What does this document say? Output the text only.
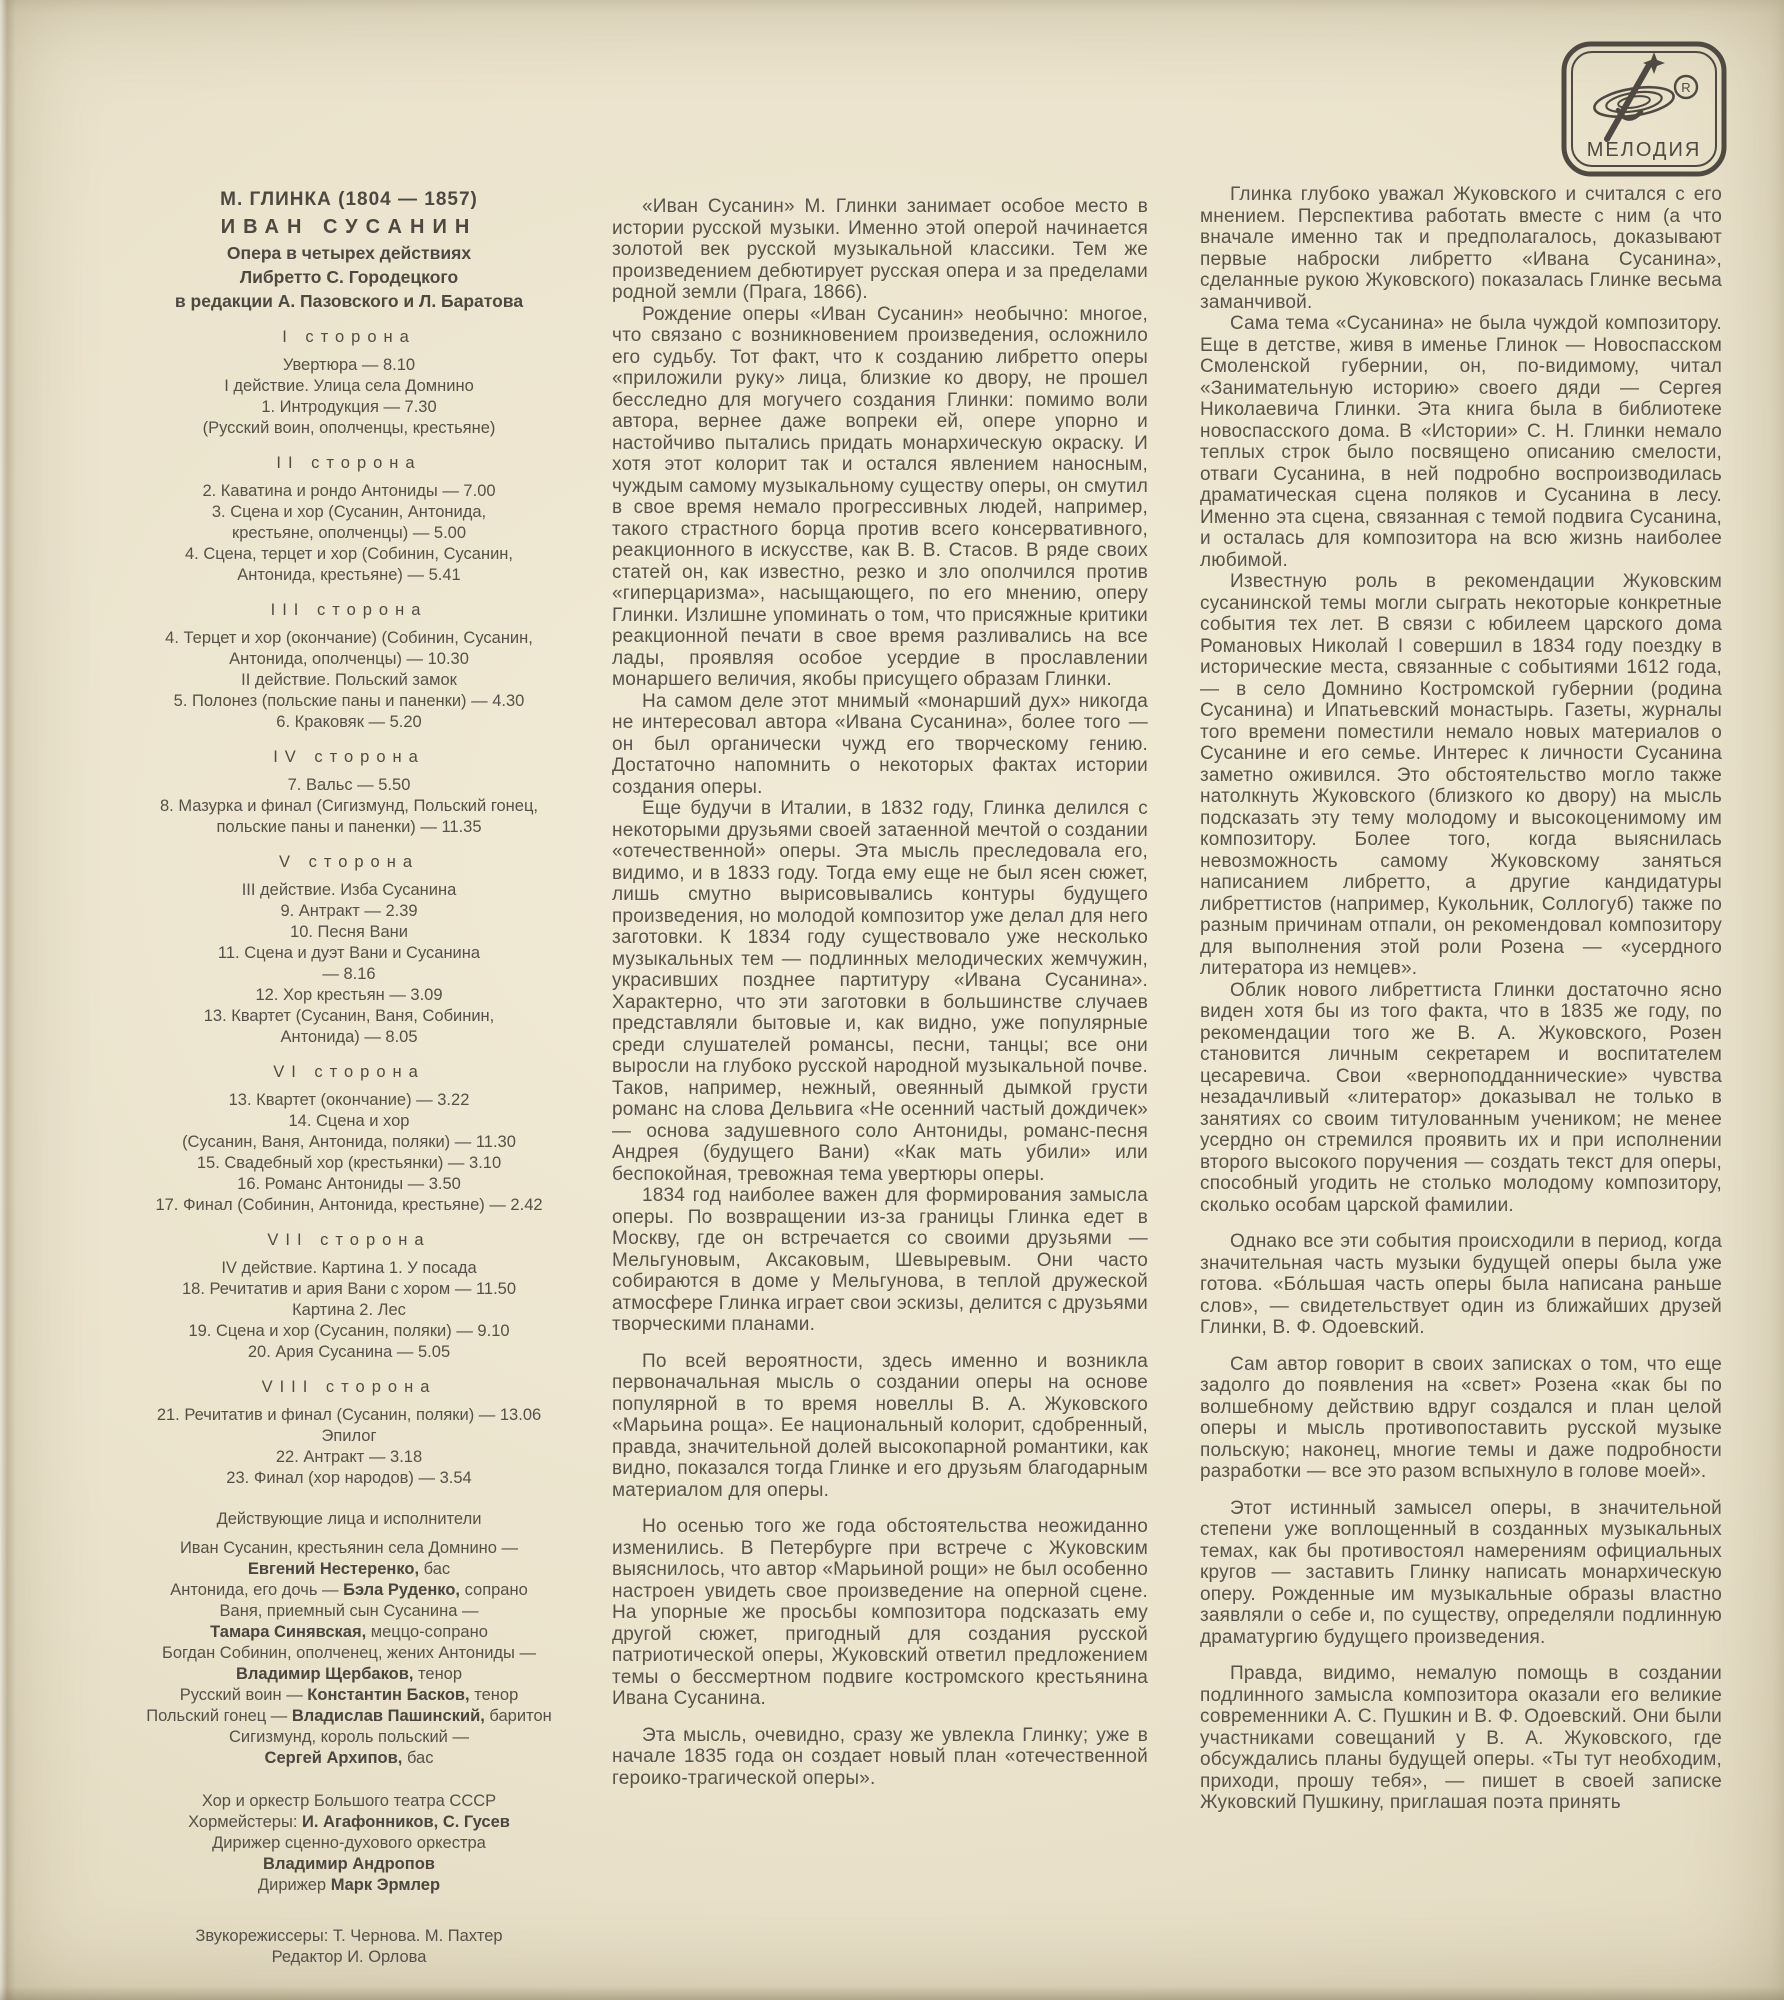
R
МЕЛОДИЯ
М. ГЛИНКА (1804 — 1857)
ИВАН СУСАНИН
Опера в четырех действиях
Либретто С. Городецкого
в редакции А. Пазовского и Л. Баратова
I сторона
Увертюра — 8.10
I действие. Улица села Домнино
1. Интродукция — 7.30
(Русский воин, ополченцы, крестьяне)
II сторона
2. Каватина и рондо Антониды — 7.00
3. Сцена и хор (Сусанин, Антонида,
крестьяне, ополченцы) — 5.00
4. Сцена, терцет и хор (Собинин, Сусанин,
Антонида, крестьяне) — 5.41
III сторона
4. Терцет и хор (окончание) (Собинин, Сусанин,
Антонида, ополченцы) — 10.30
II действие. Польский замок
5. Полонез (польские паны и паненки) — 4.30
6. Краковяк — 5.20
IV сторона
7. Вальс — 5.50
8. Мазурка и финал (Сигизмунд, Польский гонец,
польские паны и паненки) — 11.35
V сторона
III действие. Изба Сусанина
9. Антракт — 2.39
10. Песня Вани
11. Сцена и дуэт Вани и Сусанина
— 8.16
12. Хор крестьян — 3.09
13. Квартет (Сусанин, Ваня, Собинин,
Антонида) — 8.05
VI сторона
13. Квартет (окончание) — 3.22
14. Сцена и хор
(Сусанин, Ваня, Антонида, поляки) — 11.30
15. Свадебный хор (крестьянки) — 3.10
16. Романс Антониды — 3.50
17. Финал (Собинин, Антонида, крестьяне) — 2.42
VII сторона
IV действие. Картина 1. У посада
18. Речитатив и ария Вани с хором — 11.50
Картина 2. Лес
19. Сцена и хор (Сусанин, поляки) — 9.10
20. Ария Сусанина — 5.05
VIII сторона
21. Речитатив и финал (Сусанин, поляки) — 13.06
Эпилог
22. Антракт — 3.18
23. Финал (хор народов) — 3.54
Действующие лица и исполнители
Иван Сусанин, крестьянин села Домнино —
Евгений Нестеренко, бас
Антонида, его дочь — Бэла Руденко, сопрано
Ваня, приемный сын Сусанина —
Тамара Синявская, меццо-сопрано
Богдан Собинин, ополченец, жених Антониды —
Владимир Щербаков, тенор
Русский воин — Константин Басков, тенор
Польский гонец — Владислав Пашинский, баритон
Сигизмунд, король польский —
Сергей Архипов, бас
Хор и оркестр Большого театра СССР
Хормейстеры: И. Агафонников, С. Гусев
Дирижер сценно-духового оркестра
Владимир Андропов
Дирижер Марк Эрмлер
Звукорежиссеры: Т. Чернова. М. Пахтер
Редактор И. Орлова

«Иван Сусанин» М. Глинки занимает особое место в истории русской музыки. Именно этой оперой начинается золотой век русской музыкальной классики. Тем же произведением дебютирует русская опера и за пределами родной земли (Прага, 1866).

Рождение оперы «Иван Сусанин» необычно: многое, что связано с возникновением произведения, осложнило его судьбу. Тот факт, что к созданию либретто оперы «приложили руку» лица, близкие ко двору, не прошел бесследно для могучего создания Глинки: помимо воли автора, вернее даже вопреки ей, опере упорно и настойчиво пытались придать монархическую окраску. И хотя этот колорит так и остался явлением наносным, чуждым самому музыкальному существу оперы, он смутил в свое время немало прогрессивных людей, например, такого страстного борца против всего консервативного, реакционного в искусстве, как В. В. Стасов. В ряде своих статей он, как известно, резко и зло ополчился против «гиперцаризма», насыщающего, по его мнению, оперу Глинки. Излишне упоминать о том, что присяжные критики реакционной печати в свое время разливались на все лады, проявляя особое усердие в прославлении монаршего величия, якобы присущего образам Глинки.

На самом деле этот мнимый «монарший дух» никогда не интересовал автора «Ивана Сусанина», более того — он был органически чужд его творческому гению. Достаточно напомнить о некоторых фактах истории создания оперы.

Еще будучи в Италии, в 1832 году, Глинка делился с некоторыми друзьями своей затаенной мечтой о создании «отечественной» оперы. Эта мысль преследовала его, видимо, и в 1833 году. Тогда ему еще не был ясен сюжет, лишь смутно вырисовывались контуры будущего произведения, но молодой композитор уже делал для него заготовки. К 1834 году существовало уже несколько музыкальных тем — подлинных мелодических жемчужин, украсивших позднее партитуру «Ивана Сусанина». Характерно, что эти заготовки в большинстве случаев представляли бытовые и, как видно, уже популярные среди слушателей романсы, песни, танцы; все они выросли на глубоко русской народной музыкальной почве. Таков, например, нежный, овеянный дымкой грусти романс на слова Дельвига «Не осенний частый дождичек» — основа задушевного соло Антониды, романс-песня Андрея (будущего Вани) «Как мать убили» или беспокойная, тревожная тема увертюры оперы.

1834 год наиболее важен для формирования замысла оперы. По возвращении из-за границы Глинка едет в Москву, где он встречается со своими друзьями — Мельгуновым, Аксаковым, Шевыревым. Они часто собираются в доме у Мельгунова, в теплой дружеской атмосфере Глинка играет свои эскизы, делится с друзьями творческими планами.

По всей вероятности, здесь именно и возникла первоначальная мысль о создании оперы на основе популярной в то время новеллы В. А. Жуковского «Марьина роща». Ее национальный колорит, сдобренный, правда, значительной долей высокопарной романтики, как видно, показался тогда Глинке и его друзьям благодарным материалом для оперы.

Но осенью того же года обстоятельства неожиданно изменились. В Петербурге при встрече с Жуковским выяснилось, что автор «Марьиной рощи» не был особенно настроен увидеть свое произведение на оперной сцене. На упорные же просьбы композитора подсказать ему другой сюжет, пригодный для создания русской патриотической оперы, Жуковский ответил предложением темы о бессмертном подвиге костромского крестьянина Ивана Сусанина.

Эта мысль, очевидно, сразу же увлекла Глинку; уже в начале 1835 года он создает новый план «отечественной героико-трагической оперы».

Глинка глубоко уважал Жуковского и считался с его мнением. Перспектива работать вместе с ним (а что вначале именно так и предполагалось, доказывают первые наброски либретто «Ивана Сусанина», сделанные рукою Жуковского) показалась Глинке весьма заманчивой.

Сама тема «Сусанина» не была чуждой композитору. Еще в детстве, живя в именье Глинок — Новоспасском Смоленской губернии, он, по-видимому, читал «Занимательную историю» своего дяди — Сергея Николаевича Глинки. Эта книга была в библиотеке новоспасского дома. В «Истории» С. Н. Глинки немало теплых строк было посвящено описанию смелости, отваги Сусанина, в ней подробно воспроизводилась драматическая сцена поляков и Сусанина в лесу. Именно эта сцена, связанная с темой подвига Сусанина, и осталась для композитора на всю жизнь наиболее любимой.

Известную роль в рекомендации Жуковским сусанинской темы могли сыграть некоторые конкретные события тех лет. В связи с юбилеем царского дома Романовых Николай I совершил в 1834 году поездку в исторические места, связанные с событиями 1612 года, — в село Домнино Костромской губернии (родина Сусанина) и Ипатьевский монастырь. Газеты, журналы того времени поместили немало новых материалов о Сусанине и его семье. Интерес к личности Сусанина заметно оживился. Это обстоятельство могло также натолкнуть Жуковского (близкого ко двору) на мысль подсказать эту тему молодому и высокоценимому им композитору. Более того, когда выяснилась невозможность самому Жуковскому заняться написанием либретто, а другие кандидатуры либреттистов (например, Кукольник, Соллогуб) также по разным причинам отпали, он рекомендовал композитору для выполнения этой роли Розена — «усердного литератора из немцев».

Облик нового либреттиста Глинки достаточно ясно виден хотя бы из того факта, что в 1835 же году, по рекомендации того же В. А. Жуковского, Розен становится личным секретарем и воспитателем цесаревича. Свои «верноподданнические» чувства незадачливый «литератор» доказывал не только в занятиях со своим титулованным учеником; не менее усердно он стремился проявить их и при исполнении второго высокого поручения — создать текст для оперы, способный угодить не столько молодому композитору, сколько особам царской фамилии.

Однако все эти события происходили в период, когда значительная часть музыки будущей оперы была уже готова. «Бо́льшая часть оперы была написана раньше слов», — свидетельствует один из ближайших друзей Глинки, В. Ф. Одоевский.

Сам автор говорит в своих записках о том, что еще задолго до появления на «свет» Розена «как бы по волшебному действию вдруг создался и план целой оперы и мысль противопоставить русской музыке польскую; наконец, многие темы и даже подробности разработки — все это разом вспыхнуло в голове моей».

Этот истинный замысел оперы, в значительной степени уже воплощенный в созданных музыкальных темах, как бы противостоял намерениям официальных кругов — заставить Глинку написать монархическую оперу. Рожденные им музыкальные образы властно заявляли о себе и, по существу, определяли подлинную драматургию будущего произведения.

Правда, видимо, немалую помощь в создании подлинного замысла композитора оказали его великие современники А. С. Пушкин и В. Ф. Одоевский. Они были участниками совещаний у В. А. Жуковского, где обсуждались планы будущей оперы. «Ты тут необходим, приходи, прошу тебя», — пишет в своей записке Жуковский Пушкину, приглашая поэта принять
